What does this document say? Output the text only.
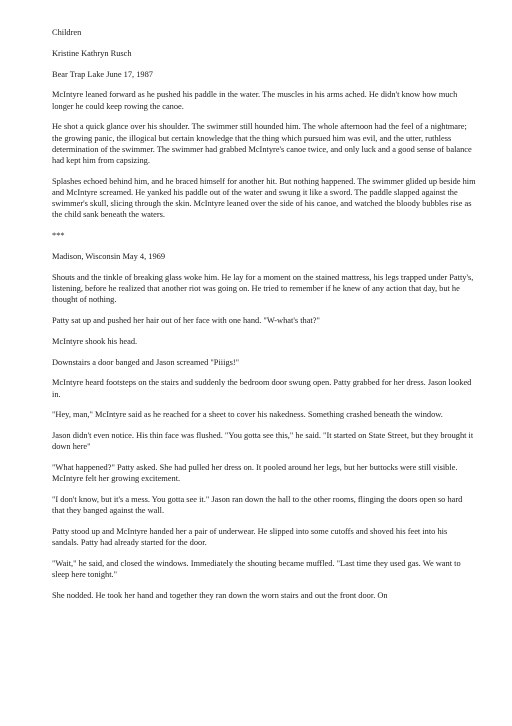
Children

Kristine Kathryn Rusch

Bear Trap Lake June 17, 1987

McIntyre leaned forward as he pushed his paddle in the water. The muscles in his arms ached. He didn't know how much longer he could keep rowing the canoe.

He shot a quick glance over his shoulder. The swimmer still hounded him. The whole afternoon had the feel of a nightmare; the growing panic, the illogical but certain knowledge that the thing which pursued him was evil, and the utter, ruthless determination of the swimmer. The swimmer had grabbed McIntyre's canoe twice, and only luck and a good sense of balance had kept him from capsizing.

Splashes echoed behind him, and he braced himself for another hit. But nothing happened. The swimmer glided up beside him and McIntyre screamed. He yanked his paddle out of the water and swung it like a sword. The paddle slapped against the swimmer's skull, slicing through the skin. McIntyre leaned over the side of his canoe, and watched the bloody bubbles rise as the child sank beneath the waters.

***

Madison, Wisconsin May 4, 1969

Shouts and the tinkle of breaking glass woke him. He lay for a moment on the stained mattress, his legs trapped under Patty's, listening, before he realized that another riot was going on. He tried to remember if he knew of any action that day, but he thought of nothing.

Patty sat up and pushed her hair out of her face with one hand. "W-what's that?"

McIntyre shook his head.

Downstairs a door banged and Jason screamed "Piiigs!"

McIntyre heard footsteps on the stairs and suddenly the bedroom door swung open. Patty grabbed for her dress. Jason looked in.

"Hey, man," McIntyre said as he reached for a sheet to cover his nakedness. Something crashed beneath the window.

Jason didn't even notice. His thin face was flushed. "You gotta see this," he said. "It started on State Street, but they brought it down here"

"What happened?" Patty asked. She had pulled her dress on. It pooled around her legs, but her buttocks were still visible. McIntyre felt her growing excitement.

"I don't know, but it's a mess. You gotta see it." Jason ran down the hall to the other rooms, flinging the doors open so hard that they banged against the wall.

Patty stood up and McIntyre handed her a pair of underwear. He slipped into some cutoffs and shoved his feet into his sandals. Patty had already started for the door.

"Wait," he said, and closed the windows. Immediately the shouting became muffled. "Last time they used gas. We want to sleep here tonight."

She nodded. He took her hand and together they ran down the worn stairs and out the front door. On
